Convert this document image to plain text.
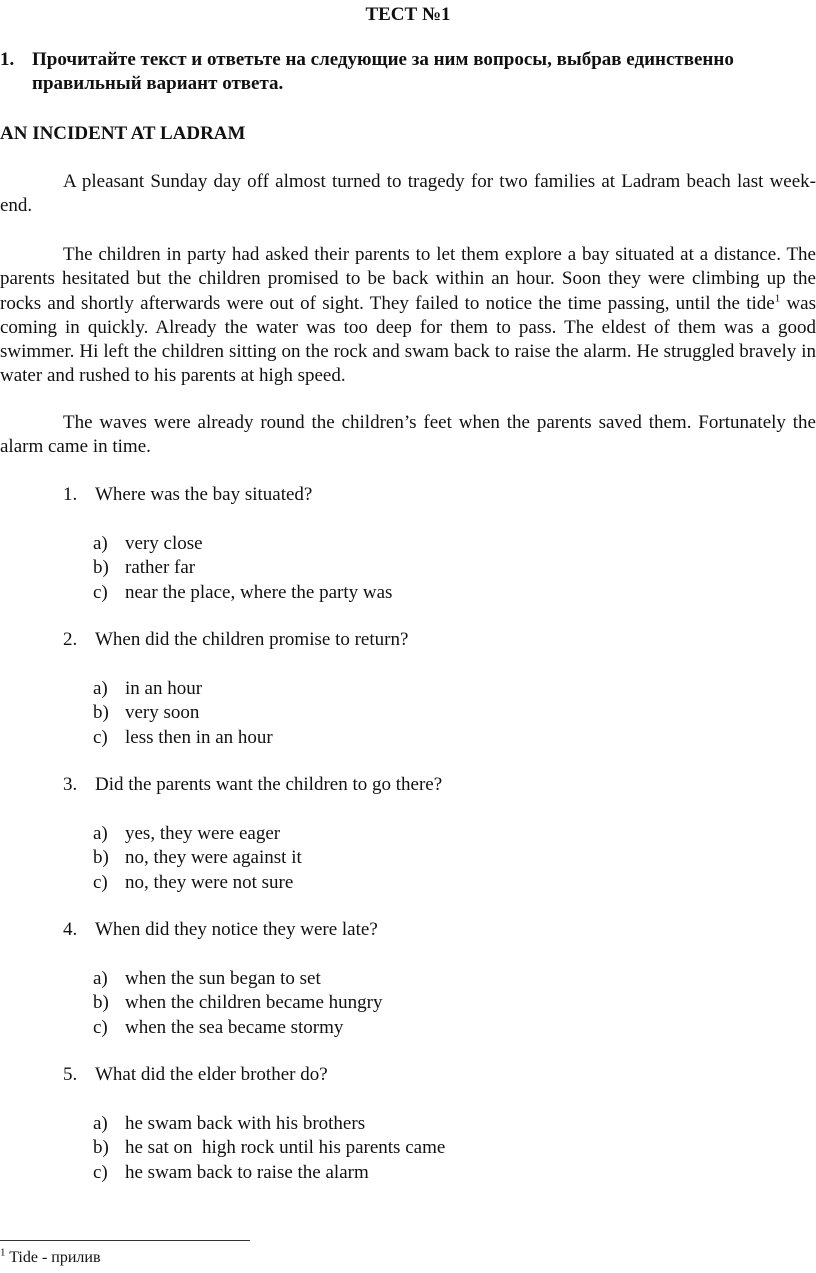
ТЕСТ №1
1. Прочитайте текст и ответьте на следующие за ним вопросы, выбрав единственно правильный вариант ответа.
AN INCIDENT AT LADRAM

A pleasant Sunday day off almost turned to tragedy for two families at Ladram beach last week-end.

The children in party had asked their parents to let them explore a bay situated at a distance. The parents hesitated but the children promised to be back within an hour. Soon they were climbing up the rocks and shortly afterwards were out of sight. They failed to notice the time passing, until the tide$^1$ was coming in quickly. Already the water was too deep for them to pass. The eldest of them was a good swimmer. Hi left the children sitting on the rock and swam back to raise the alarm. He struggled bravely in water and rushed to his parents at high speed.

The waves were already round the children’s feet when the parents saved them. Fortunately the alarm came in time.

1. Where was the bay situated?
a) very close
b) rather far
c) near the place, where the party was
2. When did the children promise to return?
a) in an hour
b) very soon
c) less then in an hour
3. Did the parents want the children to go there?
a) yes, they were eager
b) no, they were against it
c) no, they were not sure
4. When did they notice they were late?
a) when the sun began to set
b) when the children became hungry
c) when the sea became stormy
5. What did the elder brother do?
a) he swam back with his brothers
b) he sat on  high rock until his parents came
c) he swam back to raise the alarm
$^1$ Tide - прилив
